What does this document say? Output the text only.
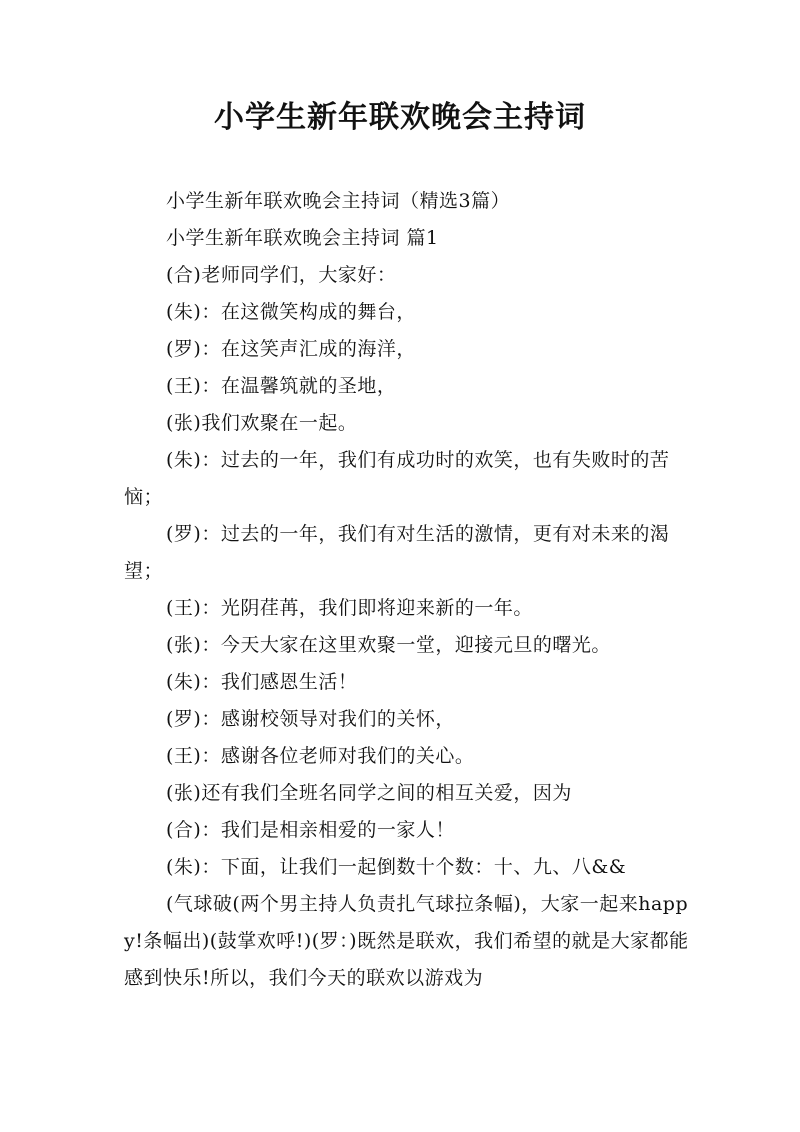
小学生新年联欢晚会主持词

小学生新年联欢晚会主持词（精选3篇）

小学生新年联欢晚会主持词 篇1

(合)老师同学们，大家好：

(朱)：在这微笑构成的舞台，

(罗)：在这笑声汇成的海洋，

(王)：在温馨筑就的圣地，

(张)我们欢聚在一起。

(朱)：过去的一年，我们有成功时的欢笑，也有失败时的苦恼；

(罗)：过去的一年，我们有对生活的激情，更有对未来的渴望；

(王)：光阴荏苒，我们即将迎来新的一年。

(张)：今天大家在这里欢聚一堂，迎接元旦的曙光。

(朱)：我们感恩生活！

(罗)：感谢校领导对我们的关怀，

(王)：感谢各位老师对我们的关心。

(张)还有我们全班名同学之间的相互关爱，因为

(合)：我们是相亲相爱的一家人！

(朱)：下面，让我们一起倒数十个数：十、九、八&&

(气球破(两个男主持人负责扎气球拉条幅)，大家一起来happy!条幅出)(鼓掌欢呼!)(罗：)既然是联欢，我们希望的就是大家都能感到快乐!所以，我们今天的联欢以游戏为
